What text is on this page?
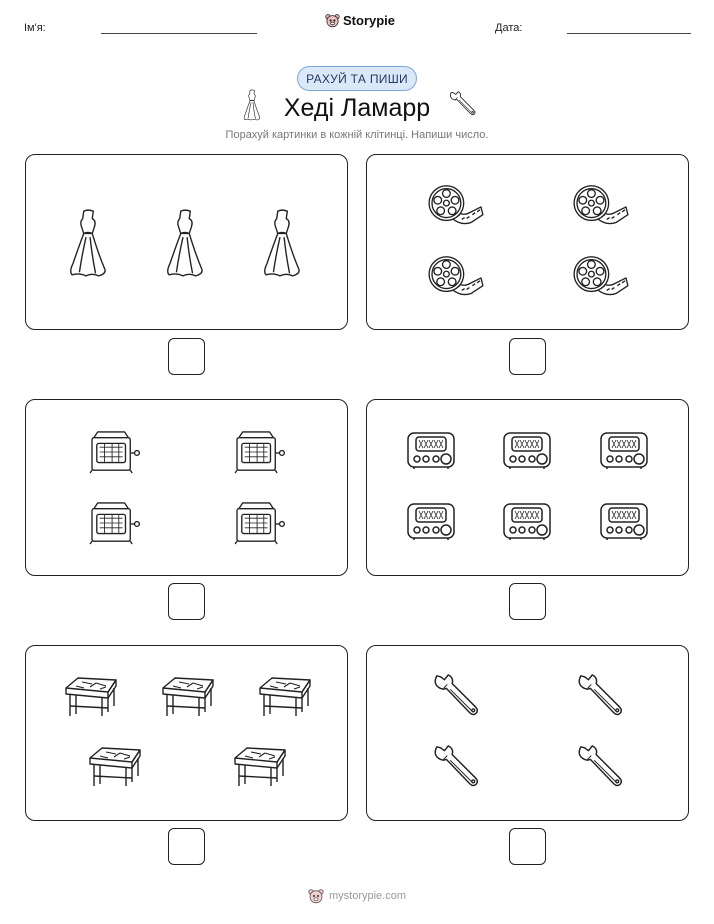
Ім'я:	Storypie	Дата:
РАХУЙ ТА ПИШИ
Хеді Ламарр
Порахуй картинки в кожній клітинці. Напиши число.
mystorypie.com
